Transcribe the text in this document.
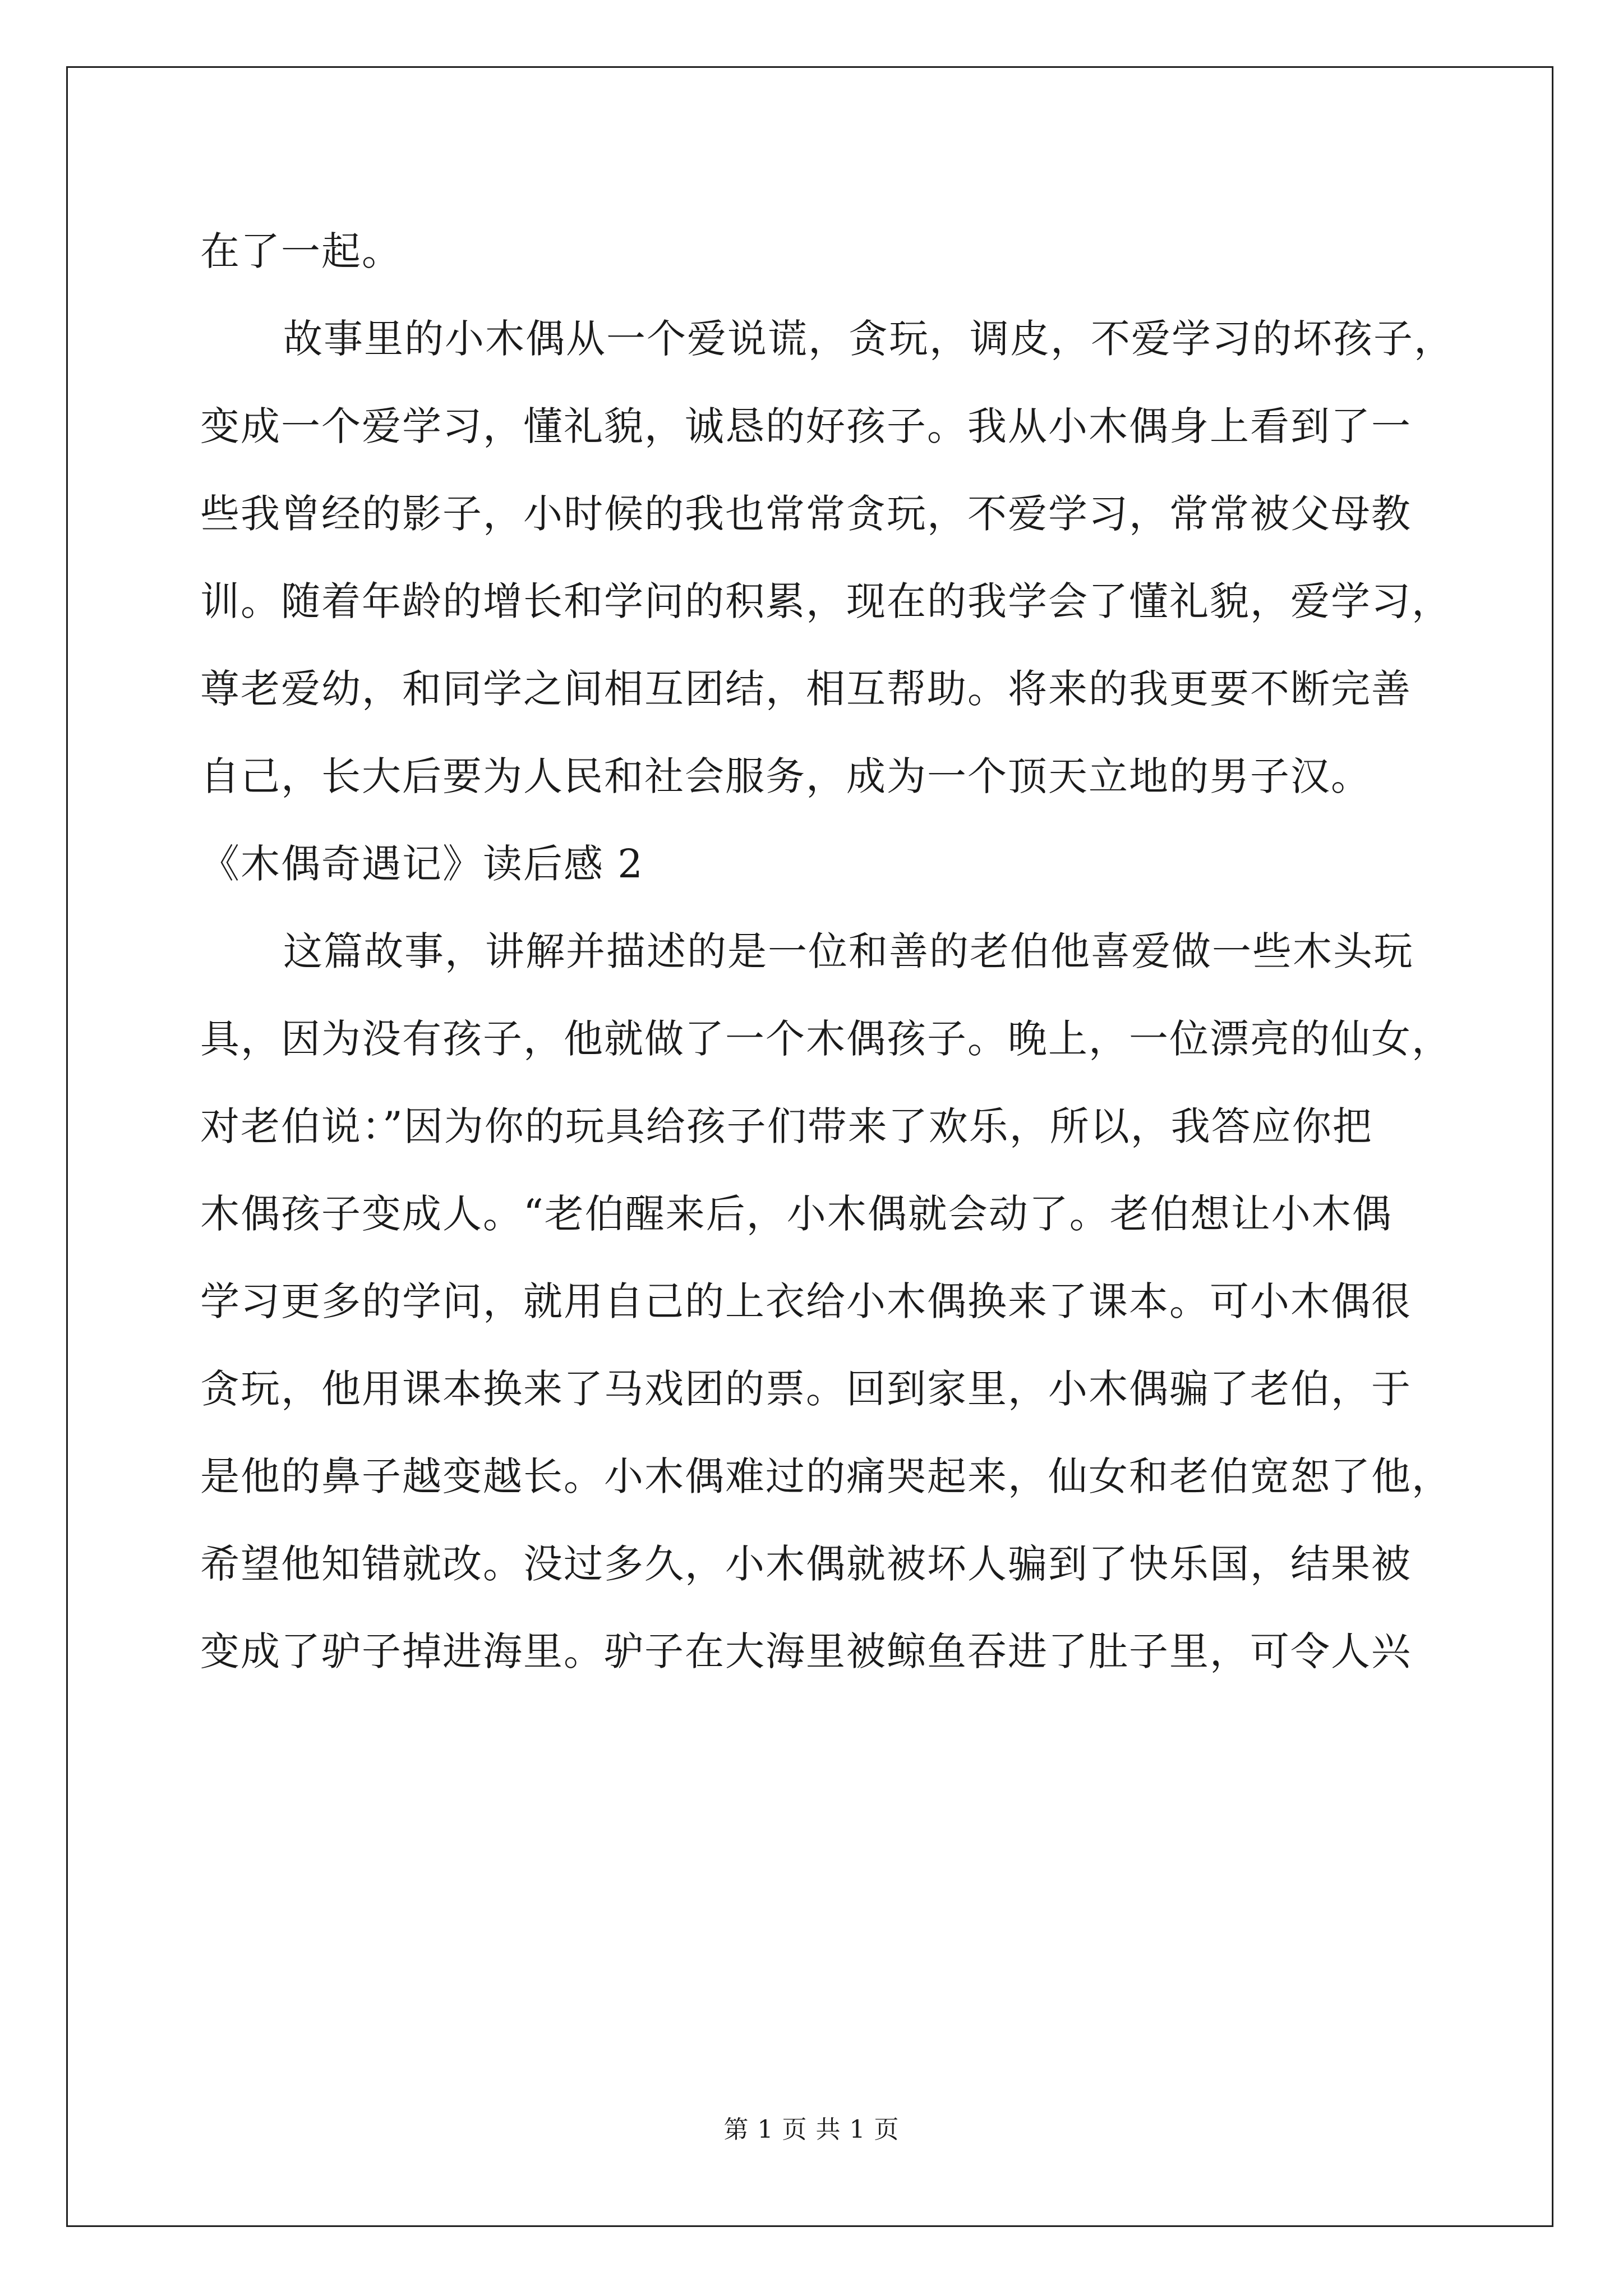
在了一起。
故事里的小木偶从一个爱说谎，贪玩，调皮，不爱学习的坏孩子，
变成一个爱学习，懂礼貌，诚恳的好孩子。我从小木偶身上看到了一
些我曾经的影子，小时候的我也常常贪玩，不爱学习，常常被父母教
训。随着年龄的增长和学问的积累，现在的我学会了懂礼貌，爱学习，
尊老爱幼，和同学之间相互团结，相互帮助。将来的我更要不断完善
自己，长大后要为人民和社会服务，成为一个顶天立地的男子汉。
《木偶奇遇记》读后感 2
这篇故事，讲解并描述的是一位和善的老伯他喜爱做一些木头玩
具，因为没有孩子，他就做了一个木偶孩子。晚上，一位漂亮的仙女，
对老伯说：”因为你的玩具给孩子们带来了欢乐，所以，我答应你把
木偶孩子变成人。“老伯醒来后，小木偶就会动了。老伯想让小木偶
学习更多的学问，就用自己的上衣给小木偶换来了课本。可小木偶很
贪玩，他用课本换来了马戏团的票。回到家里，小木偶骗了老伯，于
是他的鼻子越变越长。小木偶难过的痛哭起来，仙女和老伯宽恕了他，
希望他知错就改。没过多久，小木偶就被坏人骗到了快乐国，结果被
变成了驴子掉进海里。驴子在大海里被鲸鱼吞进了肚子里，可令人兴
第 1 页 共 1 页
